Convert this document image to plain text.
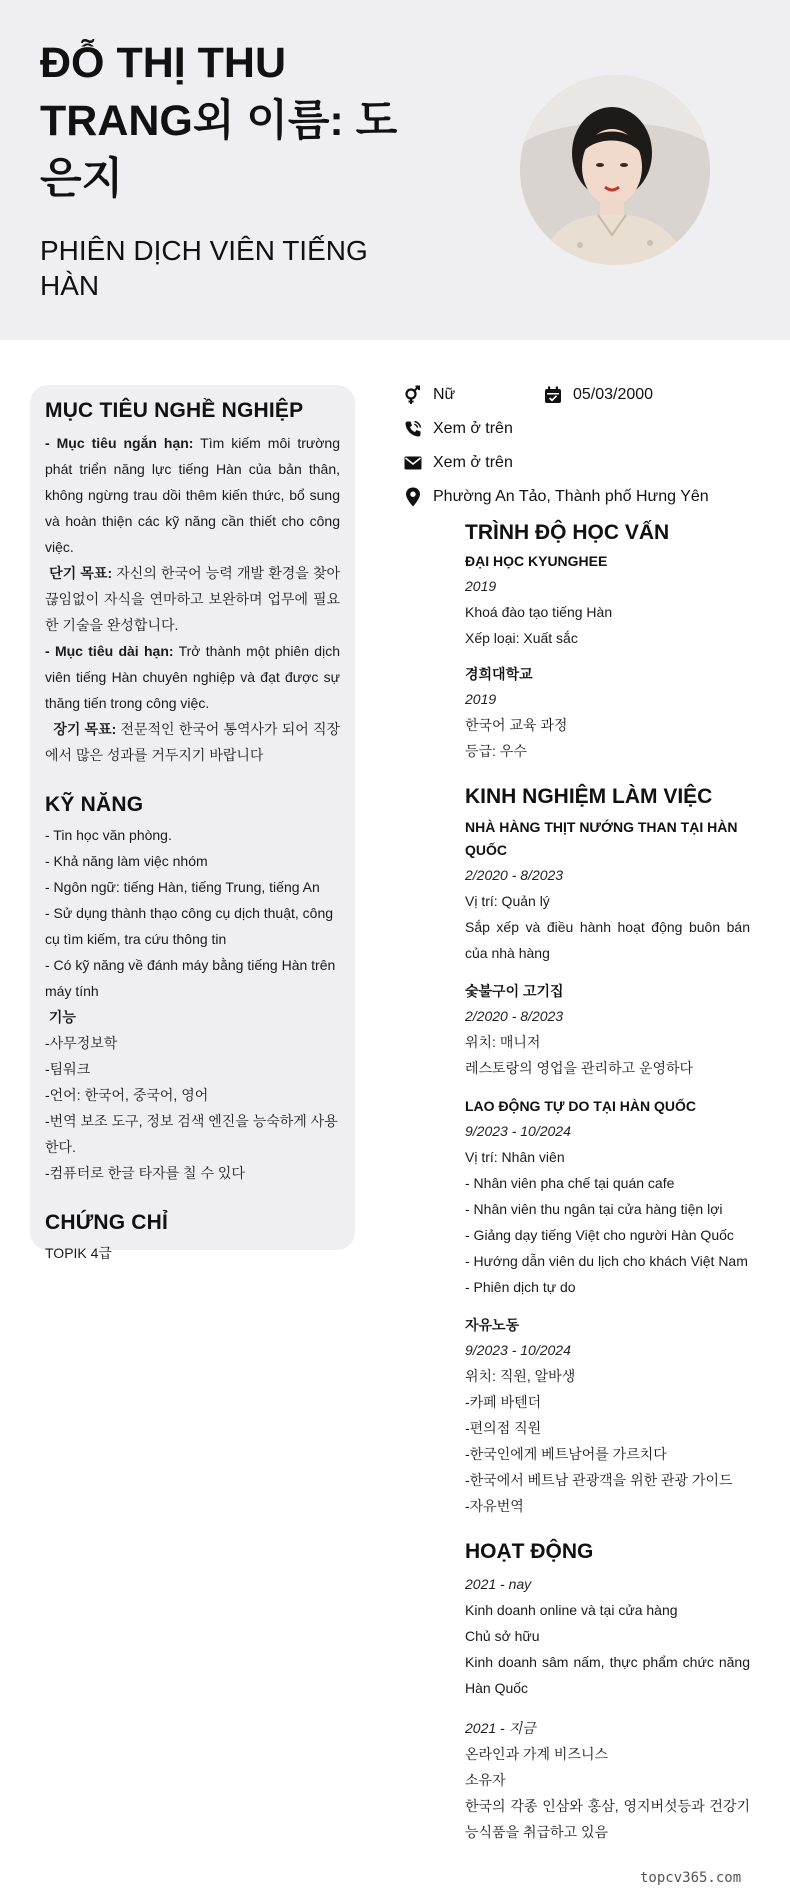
ĐỖ THỊ THU TRANG외 이름: 도은지
PHIÊN DỊCH VIÊN TIẾNG HÀN
MỤC TIÊU NGHỀ NGHIỆP
- Mục tiêu ngắn hạn: Tìm kiếm môi trường phát triển năng lực tiếng Hàn của bản thân, không ngừng trau dồi thêm kiến thức, bổ sung và hoàn thiện các kỹ năng cần thiết cho công việc.
단기 목표: 자신의 한국어 능력 개발 환경을 찾아 끊임없이 자식을 연마하고 보완하며 업무에 필요한 기술을 완성합니다.
- Mục tiêu dài hạn: Trở thành một phiên dịch viên tiếng Hàn chuyên nghiệp và đạt được sự thăng tiến trong công việc.
장기 목표: 전문적인 한국어 통역사가 되어 직장에서 많은 성과를 거두지기 바랍니다
KỸ NĂNG
- Tin học văn phòng.
- Khả năng làm việc nhóm
- Ngôn ngữ: tiếng Hàn, tiếng Trung, tiếng An
- Sử dụng thành thạo công cụ dịch thuật, công cụ tìm kiếm, tra cứu thông tin
- Có kỹ năng về đánh máy bằng tiếng Hàn trên máy tính
기능
-사무정보학
-팀워크
-언어: 한국어, 중국어, 영어
-번역 보조 도구, 정보 검색 엔진을 능숙하게 사용한다.
-컴퓨터로 한글 타자를 칠 수 있다
CHỨNG CHỈ
TOPIK 4급
Nữ	05/03/2000
Xem ở trên
Xem ở trên
Phường An Tảo, Thành phố Hưng Yên
TRÌNH ĐỘ HỌC VẤN
ĐẠI HỌC KYUNGHEE
2019
Khoá đào tạo tiếng Hàn
Xếp loại: Xuất sắc
경희대학교
2019
한국어 교육 과정
등급: 우수
KINH NGHIỆM LÀM VIỆC
NHÀ HÀNG THỊT NƯỚNG THAN TẠI HÀN QUỐC
2/2020 - 8/2023
Vị trí: Quản lý
Sắp xếp và điều hành hoạt động buôn bán của nhà hàng
숯불구이 고기집
2/2020 - 8/2023
위치: 매니저
레스토랑의 영업을 관리하고 운영하다
LAO ĐỘNG TỰ DO TẠI HÀN QUỐC
9/2023 - 10/2024
Vị trí: Nhân viên
- Nhân viên pha chế tại quán cafe
- Nhân viên thu ngân tại cửa hàng tiện lợi
- Giảng dạy tiếng Việt cho người Hàn Quốc
- Hướng dẫn viên du lịch cho khách Việt Nam
- Phiên dịch tự do
자유노동
9/2023 - 10/2024
위치: 직원, 알바생
-카페 바텐더
-편의점 직원
-한국인에게 베트남어를 가르치다
-한국에서 베트남 관광객을 위한 관광 가이드
-자유번역
HOẠT ĐỘNG
2021 - nay
Kinh doanh online và tại cửa hàng
Chủ sở hữu
Kinh doanh sâm nấm, thực phẩm chức năng Hàn Quốc
2021 - 지금
온라인과 가계 비즈니스
소유자
한국의 각종 인삼와 홍삼, 영지버섯등과 건강기능식품을 취급하고 있음
topcv365.com
